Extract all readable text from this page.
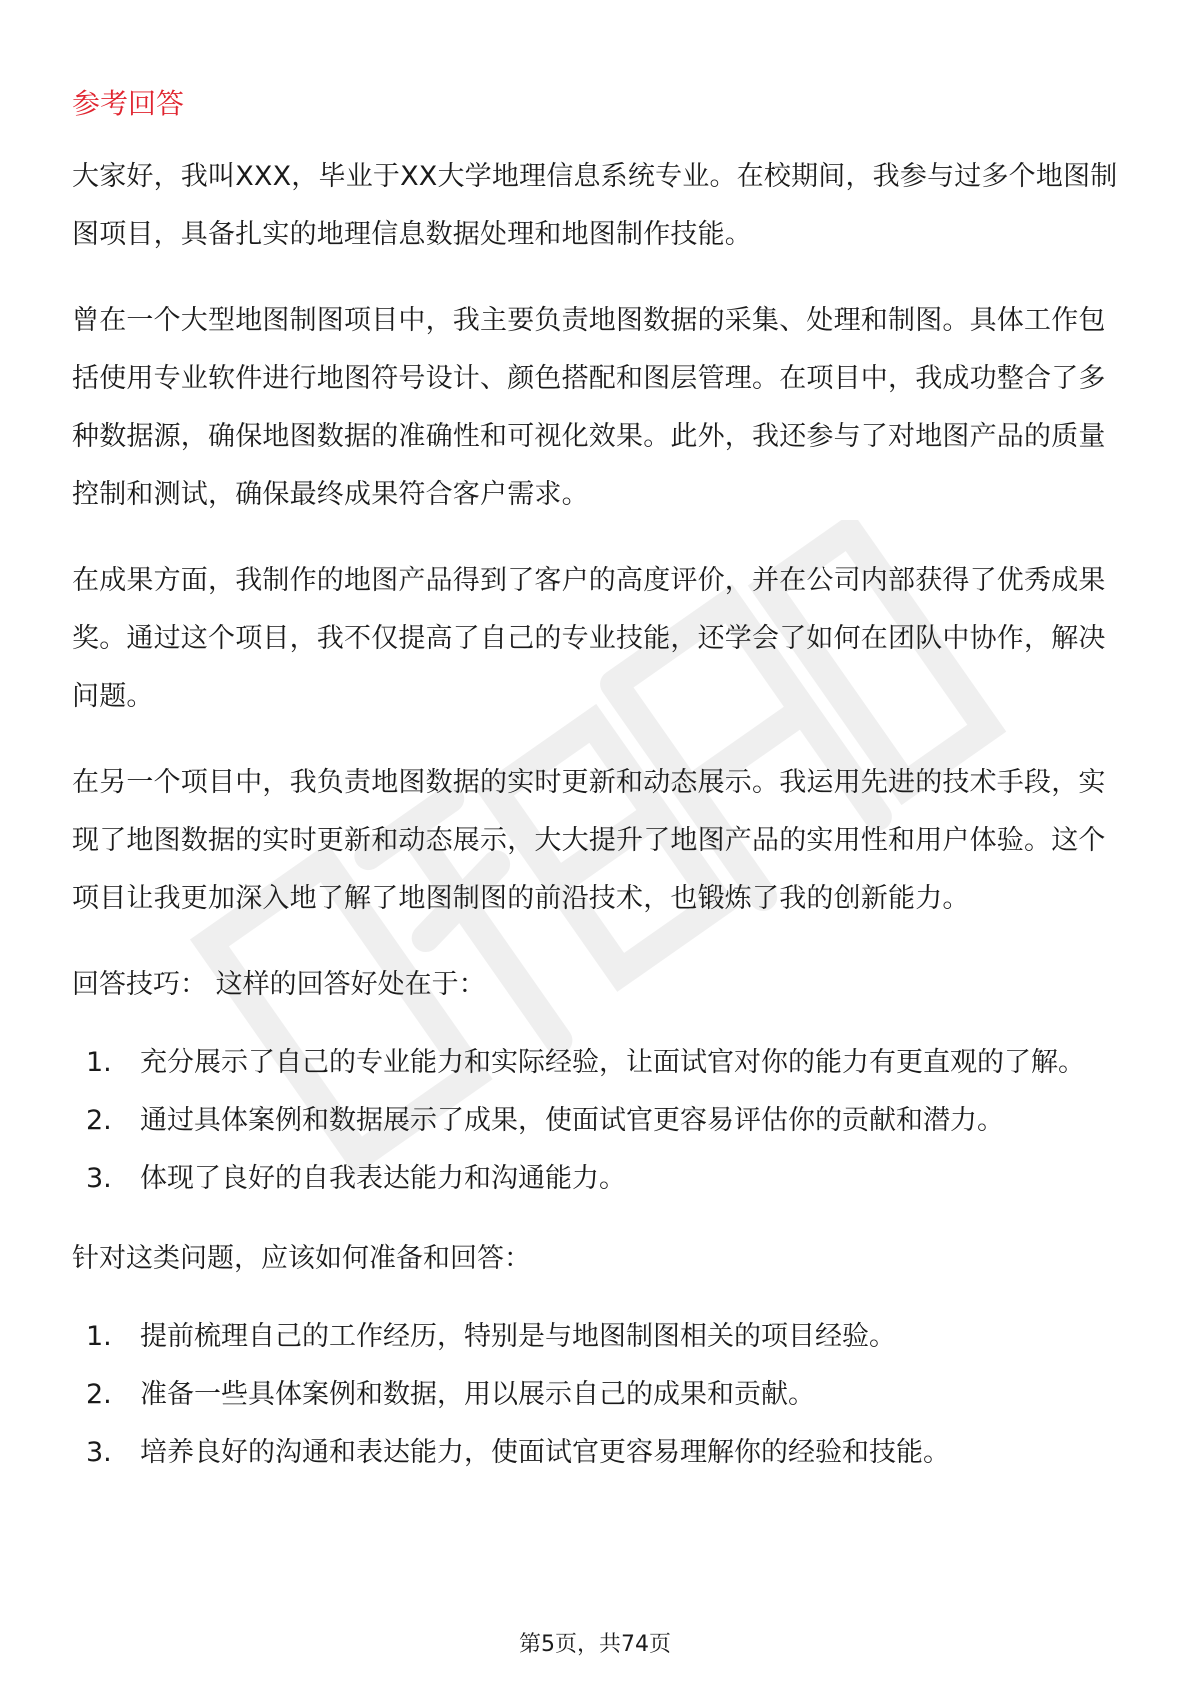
参考回答

大家好，我叫XXX，毕业于XX大学地理信息系统专业。在校期间，我参与过多个地图制图项目，具备扎实的地理信息数据处理和地图制作技能。

曾在一个大型地图制图项目中，我主要负责地图数据的采集、处理和制图。具体工作包括使用专业软件进行地图符号设计、颜色搭配和图层管理。在项目中，我成功整合了多种数据源，确保地图数据的准确性和可视化效果。此外，我还参与了对地图产品的质量控制和测试，确保最终成果符合客户需求。

在成果方面，我制作的地图产品得到了客户的高度评价，并在公司内部获得了优秀成果奖。通过这个项目，我不仅提高了自己的专业技能，还学会了如何在团队中协作，解决问题。

在另一个项目中，我负责地图数据的实时更新和动态展示。我运用先进的技术手段，实现了地图数据的实时更新和动态展示，大大提升了地图产品的实用性和用户体验。这个项目让我更加深入地了解了地图制图的前沿技术，也锻炼了我的创新能力。

回答技巧： 这样的回答好处在于：

1.	充分展示了自己的专业能力和实际经验，让面试官对你的能力有更直观的了解。
2.	通过具体案例和数据展示了成果，使面试官更容易评估你的贡献和潜力。
3.	体现了良好的自我表达能力和沟通能力。

针对这类问题，应该如何准备和回答：

1.	提前梳理自己的工作经历，特别是与地图制图相关的项目经验。
2.	准备一些具体案例和数据，用以展示自己的成果和贡献。
3.	培养良好的沟通和表达能力，使面试官更容易理解你的经验和技能。
第5页，共74页
